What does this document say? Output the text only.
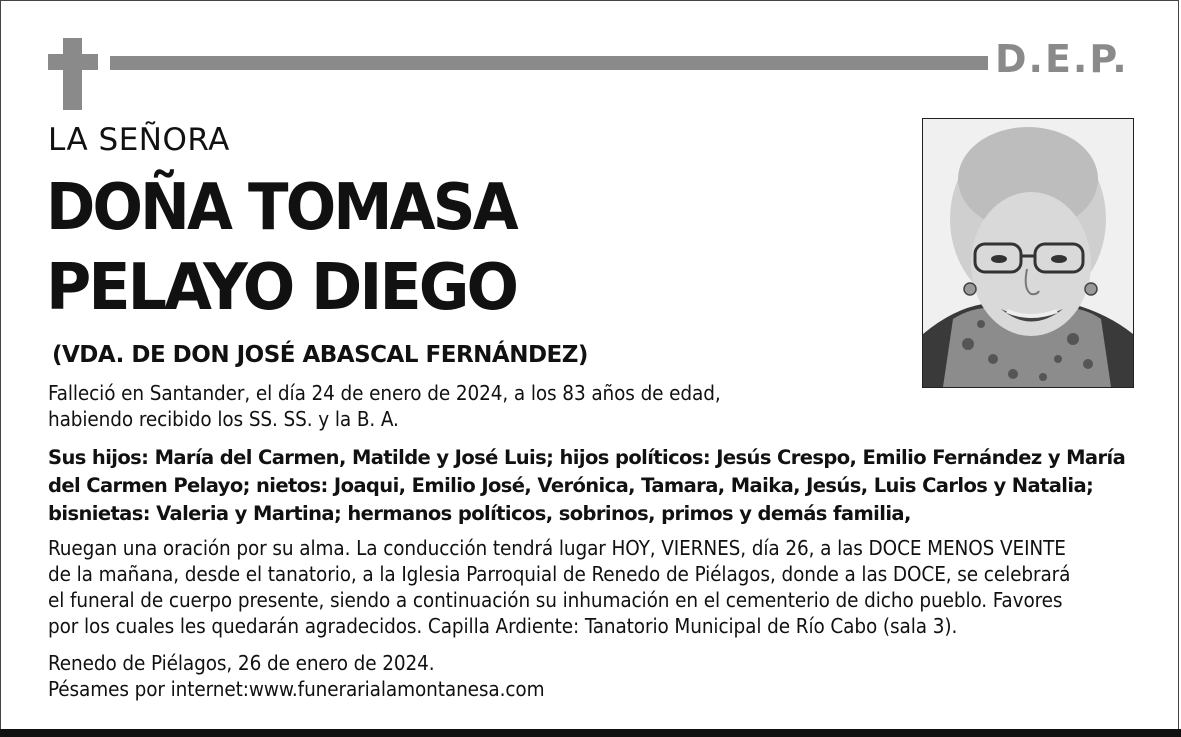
D.E.P.
LA SEÑORA
DOÑA TOMASA
PELAYO DIEGO
(VDA. DE DON JOSÉ ABASCAL FERNÁNDEZ)
Falleció en Santander, el día 24 de enero de 2024, a los 83 años de edad,
habiendo recibido los SS. SS. y la B. A.
Sus hijos: María del Carmen, Matilde y José Luis; hijos políticos: Jesús Crespo, Emilio Fernández y María
del Carmen Pelayo; nietos: Joaqui, Emilio José, Verónica, Tamara, Maika, Jesús, Luis Carlos y Natalia;
bisnietas: Valeria y Martina; hermanos políticos, sobrinos, primos y demás familia,
Ruegan una oración por su alma. La conducción tendrá lugar HOY, VIERNES, día 26, a las DOCE MENOS VEINTE
de la mañana, desde el tanatorio, a la Iglesia Parroquial de Renedo de Piélagos, donde a las DOCE, se celebrará
el funeral de cuerpo presente, siendo a continuación su inhumación en el cementerio de dicho pueblo. Favores
por los cuales les quedarán agradecidos. Capilla Ardiente: Tanatorio Municipal de Río Cabo (sala 3).
Renedo de Piélagos, 26 de enero de 2024.
Pésames por internet:www.funerarialamontanesa.com
